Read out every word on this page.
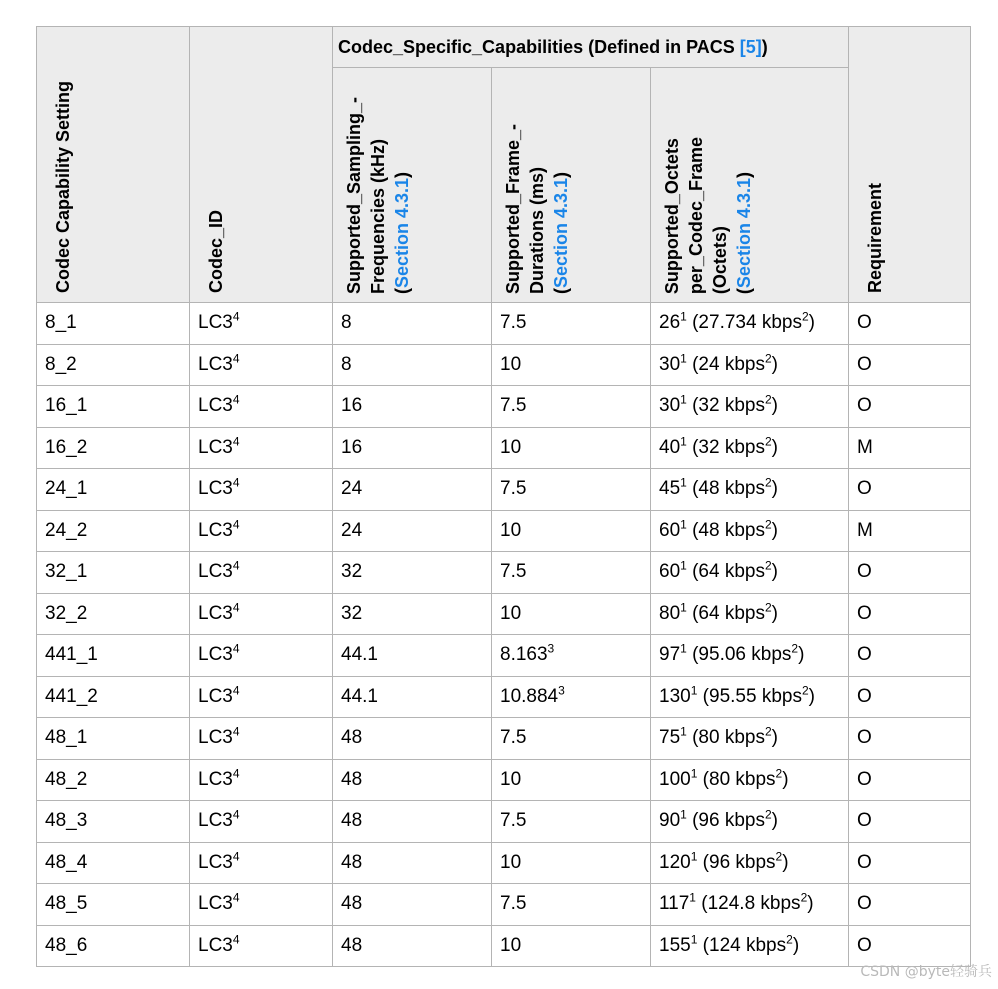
Codec Capability Setting	Codec_ID	Codec_Specific_Capabilities (Defined in PACS [5])			Requirement

		Supported_Sampling_- Frequencies (kHz) (Section 4.3.1)	Supported_Frame_- Durations (ms) (Section 4.3.1)	Supported_Octets per_Codec_Frame (Octets) (Section 4.3.1)	

8_1	$LC3^4$	8	7.5	$26^1$ (27.734 kbps$^2$)	O
8_2	$LC3^4$	8	10	$30^1$ (24 kbps$^2$)	O
16_1	$LC3^4$	16	7.5	$30^1$ (32 kbps$^2$)	O
16_2	$LC3^4$	16	10	$40^1$ (32 kbps$^2$)	M
24_1	$LC3^4$	24	7.5	$45^1$ (48 kbps$^2$)	O
24_2	$LC3^4$	24	10	$60^1$ (48 kbps$^2$)	M
32_1	$LC3^4$	32	7.5	$60^1$ (64 kbps$^2$)	O
32_2	$LC3^4$	32	10	$80^1$ (64 kbps$^2$)	O
441_1	$LC3^4$	44.1	8.163$^3$	$97^1$ (95.06 kbps$^2$)	O
441_2	$LC3^4$	44.1	10.884$^3$	$130^1$ (95.55 kbps$^2$)	O
48_1	$LC3^4$	48	7.5	$75^1$ (80 kbps$^2$)	O
48_2	$LC3^4$	48	10	$100^1$ (80 kbps$^2$)	O
48_3	$LC3^4$	48	7.5	$90^1$ (96 kbps$^2$)	O
48_4	$LC3^4$	48	10	$120^1$ (96 kbps$^2$)	O
48_5	$LC3^4$	48	7.5	$117^1$ (124.8 kbps$^2$)	O
48_6	$LC3^4$	48	10	$155^1$ (124 kbps$^2$)	O
CSDN @byte轻骑兵
